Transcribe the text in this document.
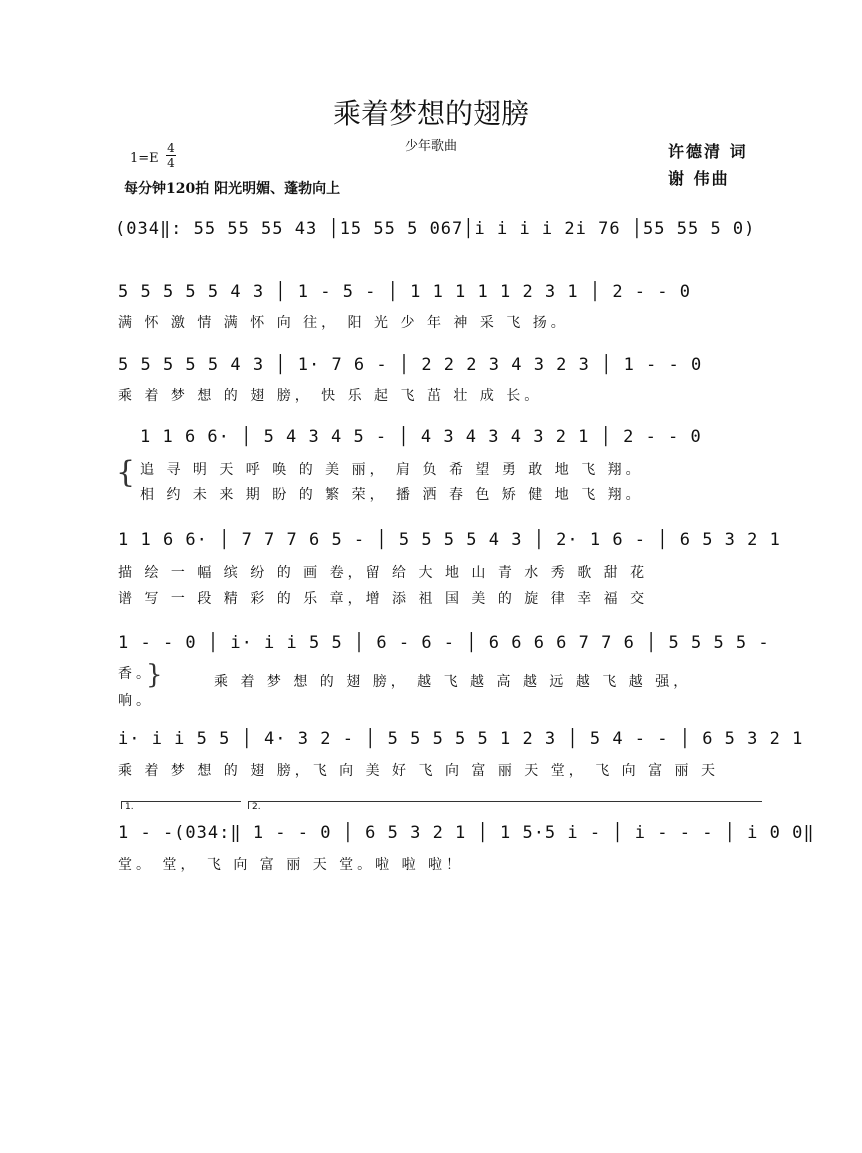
乘着梦想的翅膀
少年歌曲	许德清 词
谢 伟曲
1=E
4
4
每分钟120拍 阳光明媚、蓬勃向上
(034‖: 55 55 55 43 │15 55 5 067│i i i i 2i 76 │55 55 5 0)
5 5 5 5 5 4 3 │ 1 - 5 - │ 1 1 1 1 1 2 3 1 │ 2 - - 0
满 怀 激 情 满 怀 向 往， 阳 光 少 年 神 采 飞 扬。
5 5 5 5 5 4 3 │ 1· 7 6 - │ 2 2 2 3 4 3 2 3 │ 1 - - 0
乘 着 梦 想 的 翅 膀， 快 乐 起 飞 茁 壮 成 长。
1 1 6 6· │ 5 4 3 4 5 - │ 4 3 4 3 4 3 2 1 │ 2 - - 0
{ 追 寻 明 天 呼 唤 的 美 丽， 肩 负 希 望 勇 敢 地 飞 翔。
相 约 未 来 期 盼 的 繁 荣， 播 洒 春 色 矫 健 地 飞 翔。
1 1 6 6· │ 7 7 7 6 5 - │ 5 5 5 5 4 3 │ 2· 1 6 - │ 6 5 3 2 1
描 绘 一 幅 缤 纷 的 画 卷，留 给 大 地 山 青 水 秀 歌 甜 花
谱 写 一 段 精 彩 的 乐 章，增 添 祖 国 美 的 旋 律 幸 福 交
1 - - 0 │ i· i i 5 5 │ 6 - 6 - │ 6 6 6 6 7 7 6 │ 5 5 5 5 -
香。
响。
}	乘 着 梦 想 的 翅 膀， 越 飞 越 高 越 远 越 飞 越 强，
i· i i 5 5 │ 4· 3 2 - │ 5 5 5 5 5 1 2 3 │ 5 4 - - │ 6 5 3 2 1
乘 着 梦 想 的 翅 膀，飞 向 美 好 飞 向 富 丽 天 堂， 飞 向 富 丽 天
1.	2.
1 - -(034:‖ 1 - - 0 │ 6 5 3 2 1 │ 1 5·5 i - │ i - - - │ i 0 0‖
堂。 堂， 飞 向 富 丽 天 堂。啦 啦 啦！
